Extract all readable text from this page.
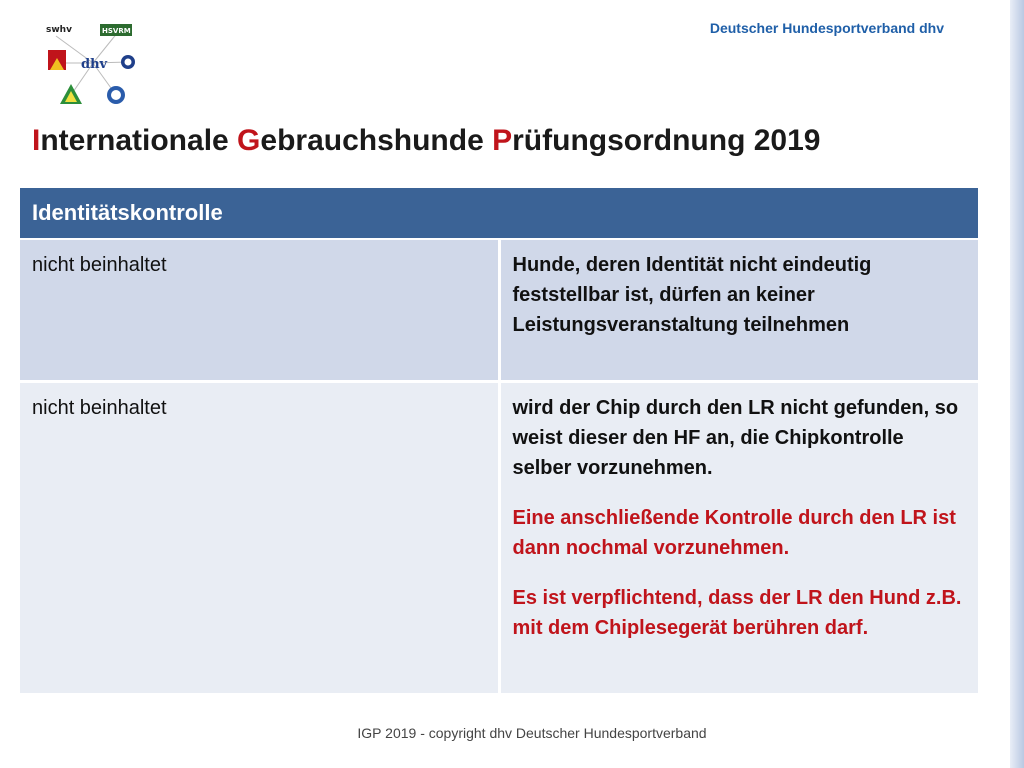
Deutscher Hundesportverband dhv
swhv	HSVRM
dhv
Internationale Gebrauchshunde Prüfungsordnung 2019
Identitätskontrolle	
nicht beinhaltet	Hunde, deren Identität nicht eindeutig feststellbar ist, dürfen an keiner Leistungsveranstaltung teilnehmen
nicht beinhaltet	wird der Chip durch den LR nicht gefunden, so weist dieser den HF an, die Chipkontrolle selber vorzunehmen.
Eine anschließende Kontrolle durch den LR ist dann nochmal vorzunehmen.
Es ist verpflichtend, dass der LR den Hund z.B. mit dem Chiplesegerät berühren darf.
IGP 2019 - copyright dhv Deutscher Hundesportverband
